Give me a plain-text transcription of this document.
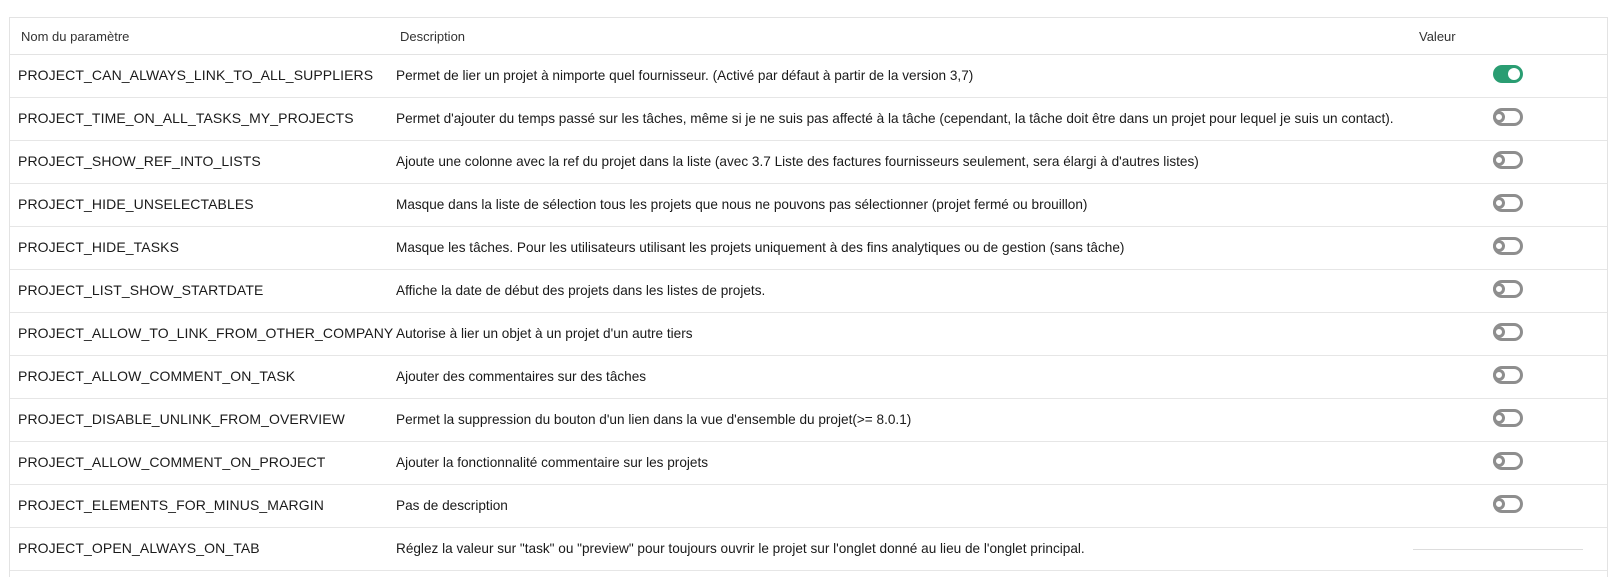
Nom du paramètre	Description	Valeur
PROJECT_CAN_ALWAYS_LINK_TO_ALL_SUPPLIERS Permet de lier un projet à nimporte quel fournisseur. (Activé par défaut à partir de la version 3,7)
PROJECT_TIME_ON_ALL_TASKS_MY_PROJECTS	Permet d'ajouter du temps passé sur les tâches, même si je ne suis pas affecté à la tâche (cependant, la tâche doit être dans un projet pour lequel je suis un contact).
PROJECT_SHOW_REF_INTO_LISTS	Ajoute une colonne avec la ref du projet dans la liste (avec 3.7 Liste des factures fournisseurs seulement, sera élargi à d'autres listes)
PROJECT_HIDE_UNSELECTABLES	Masque dans la liste de sélection tous les projets que nous ne pouvons pas sélectionner (projet fermé ou brouillon)
PROJECT_HIDE_TASKS	Masque les tâches. Pour les utilisateurs utilisant les projets uniquement à des fins analytiques ou de gestion (sans tâche)
PROJECT_LIST_SHOW_STARTDATE	Affiche la date de début des projets dans les listes de projets.
PROJECT_ALLOW_TO_LINK_FROM_OTHER_COMPANY Autorise à lier un objet à un projet d'un autre tiers
PROJECT_ALLOW_COMMENT_ON_TASK	Ajouter des commentaires sur des tâches
PROJECT_DISABLE_UNLINK_FROM_OVERVIEW	Permet la suppression du bouton d'un lien dans la vue d'ensemble du projet(>= 8.0.1)
PROJECT_ALLOW_COMMENT_ON_PROJECT	Ajouter la fonctionnalité commentaire sur les projets
PROJECT_ELEMENTS_FOR_MINUS_MARGIN	Pas de description
PROJECT_OPEN_ALWAYS_ON_TAB	Réglez la valeur sur "task" ou "preview" pour toujours ouvrir le projet sur l'onglet donné au lieu de l'onglet principal.
